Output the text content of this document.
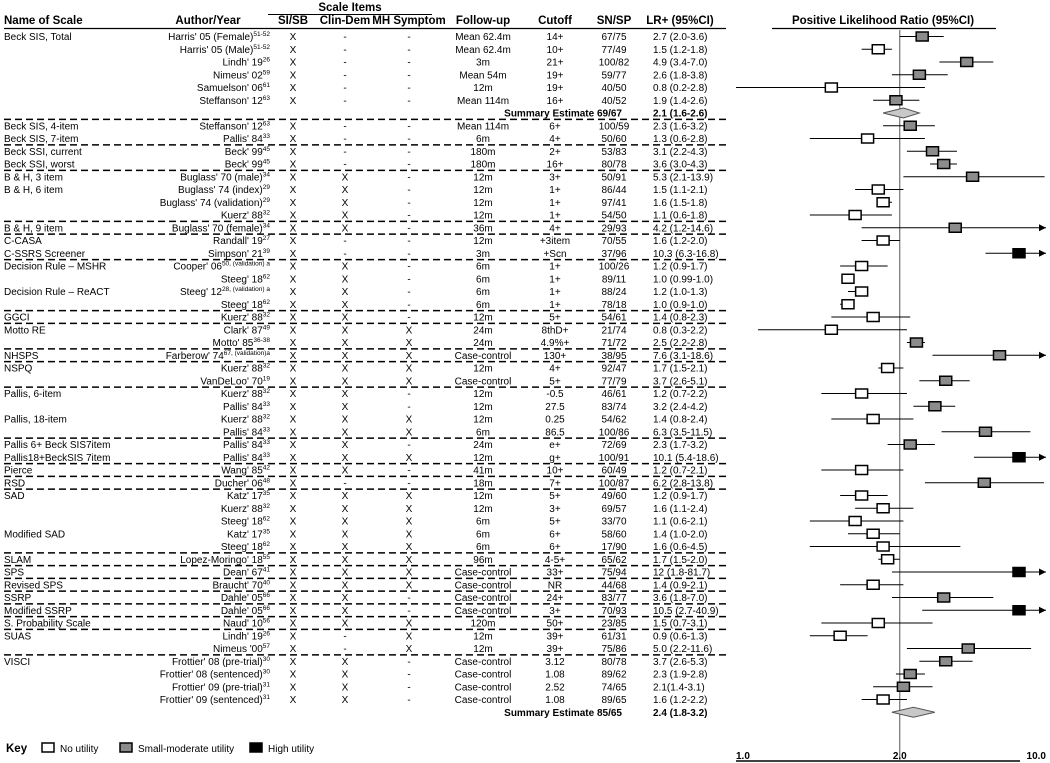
Name of Scale	Author/Year
Scale Items
SI/SB Clin-Dem MH Symptom Follow-up Cutoff SN/SP LR+ (95%CI)	Positive Likelihood Ratio (95%CI)
Beck SIS, Total	Harris' 05 (Female)$^{51-52}$ X	-	-	Mean 62.4m	14+	67/75	2.7 (2.0-3.6)
Harris' 05 (Male)$^{51-52}$ X	-	-	Mean 62.4m	10+	77/49	1.5 (1.2-1.8)
Lindh' $19^{26}$ X	-	-	3m	21+	100/82 4.9 (3.4-7.0)
Nimeus' $02^{59}$ X	-	-	Mean 54m	19+	59/77	2.6 (1.8-3.8)
Samuelson' $06^{61}$ X	-	-	12m	19+	40/50	0.8 (0.2-2.8)
Steffanson' $12^{63}$ X	-	-	Mean 114m	16+	40/52	1.9 (1.4-2.6)
Summary Estimate 69/67	2.1 (1.6-2.6)
Beck SIS, 4-item	Steffanson' $12^{63}$ X	-	-	Mean 114m	6+	100/59 2.3 (1.6-3.2)
Beck SIS, 7-item	Pallis' $84^{33}$ X	-	-	6m	4+	50/60	1.3 (0.6-2.8)
Beck SSI, current	Beck' $99^{45}$ X	-	-	180m	2+	53/83	3.1 (2.2-4.3)
Beck SSI, worst	Beck' $99^{45}$ X	-	-	180m	16+	80/78	3.6 (3.0-4.3)
B & H, 3 item	Buglass' 70 (male)$^{34}$ X	X	-	12m	3+	50/91	5.3 (2.1-13.9)
B & H, 6 item	Buglass' 74 (index)$^{29}$ X	X	-	12m	1+	86/44	1.5 (1.1-2.1)
Buglass' 74 (validation)$^{29}$ X	X	-	12m	1+	97/41	1.6 (1.5-1.8)
Kuerz' $88^{32}$ X	X	-	12m	1+	54/50	1.1 (0.6-1.8)
B & H, 9 item	Buglass' 70 (female)$^{34}$ X	X	-	36m	4+	29/93	4.2 (1.2-14.6)
C-CASA	Randall' $19^{27}$ X	-	-	12m	+3item	70/55	1.6 (1.2-2.0)
C-SSRS Screener	Simpson' $21^{39}$ X	-	-	3m	+Scn	37/96	10.3 (6.3-16.8)
Decision Rule – MSHR	Cooper' $06^{50, (validation) a}$ X	X	-	6m	1+	100/26 1.2 (0.9-1.7)
Steeg' $18^{62}$ X	X	-	6m	1+	89/11	1.0 (0.99-1.0)
Decision Rule – ReACT	Steeg' $12^{28, (validation) a}$ X	X	-	6m	1+	88/24	1.2 (1.0-1.3)
Steeg' $18^{62}$ X	X	-	6m	1+	78/18	1.0 (0.9-1.0)
GGCI	Kuerz' $88^{32}$ X	X	-	12m	5+	54/61	1.4 (0.8-2.3)
Motto RE	Clark' $87^{49}$ X	X	X	24m	8thD+	21/74	0.8 (0.3-2.2)
Motto' 85$^{36-38}$ X	X	X	24m	4.9%+	71/72	2.5 (2.2-2.8)
NHSPS	Farberow' $74^{67, (validation)a}$ X	X	X	Case-control	130+	38/95	7.6 (3.1-18.6)
NSPQ	Kuerz' $88^{32}$ X	X	X	12m	4+	92/47	1.7 (1.5-2.1)
VanDeLoo' $70^{19}$ X	X	X	Case-control	5+	77/79	3.7 (2.6-5.1)
Pallis, 6-item	Kuerz' $88^{32}$ X	X	-	12m	-0.5	46/61	1.2 (0.7-2.2)
Pallis' $84^{33}$ X	X	-	12m	27.5	83/74	3.2 (2.4-4.2)
Pallis, 18-item	Kuerz' $88^{32}$ X	X	X	12m	0.25	54/62	1.4 (0.8-2.4)
Pallis' $84^{33}$ X	X	X	6m	86.5	100/86 6.3 (3.5-11.5)
Pallis 6+ Beck SIS7item	Pallis' $84^{33}$ X	X	-	24m	e+	72/69	2.3 (1.7-3.2)
Pallis18+BeckSIS 7item	Pallis' $84^{33}$ X	X	X	12m	g+	100/91 10.1 (5.4-18.6)
Pierce	Wang' $85^{42}$ X	X	-	41m	10+	60/49	1.2 (0.7-2.1)
RSD	Ducher' $06^{48}$ X	-	-	18m	7+	100/87 6.2 (2.8-13.8)
SAD	Katz' $17^{35}$ X	X	X	12m	5+	49/60	1.2 (0.9-1.7)
Kuerz' $88^{32}$ X	X	X	12m	3+	69/57	1.6 (1.1-2.4)
Steeg' $18^{62}$ X	X	X	6m	5+	33/70	1.1 (0.6-2.1)
Modified SAD	Katz' $17^{35}$ X	X	X	6m	6+	58/60	1.4 (1.0-2.0)
Steeg' $18^{62}$ X	X	X	6m	6+	17/90	1.6 (0.6-4.5)
SLAM	Lopez-Moringo' $18^{55}$ X	X	X	96m	4-5+	65/62	1.7 (1.5-2.0)
SPS	Dean' $67^{41}$ X	X	X	Case-control	33+	75/94	12 (1.8-81.7)
Revised SPS	Braucht' $70^{40}$ X	X	X	Case-control	NR	44/68	1.4 (0.9-2.1)
SSRP	Dahle' $05^{66}$ X	X	-	Case-control	24+	83/77	3.6 (1.8-7.0)
Modified SSRP	Dahle' $05^{66}$ X	X	-	Case-control	3+	70/93	10.5 (2.7-40.9)
S. Probability Scale	Naud' $10^{56}$ X	X	X	120m	50+	23/85	1.5 (0.7-3.1)
SUAS	Lindh' $19^{26}$ X	-	X	12m	39+	61/31	0.9 (0.6-1.3)
Nimeus '$00^{57}$ X	-	X	12m	39+	75/86	5.0 (2.2-11.6)
VISCI	Frottier' 08 (pre-trial)$^{30}$ X	X	-	Case-control	3.12	80/78	3.7 (2.6-5.3)
Frottier' 08 (sentenced)$^{30}$ X	X	-	Case-control	1.08	89/62	2.3 (1.9-2.8)
Frottier' 09 (pre-trial)$^{31}$ X	X	-	Case-control	2.52	74/65	2.1(1.4-3.1)
Frottier' 09 (sentenced)$^{31}$ X	X	-	Case-control	1.08	89/65	1.6 (1.2-2.2)
Summary Estimate 85/65	2.4 (1.8-3.2)
1.0	2.0	10.0
Key	No utility	Small-moderate utility	High utility
